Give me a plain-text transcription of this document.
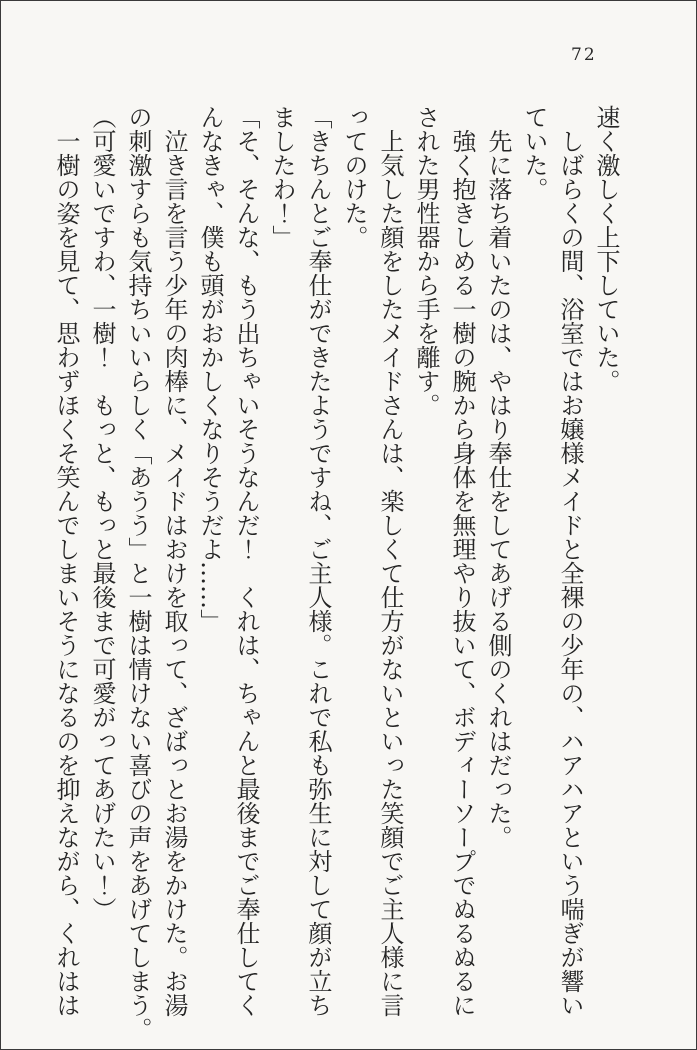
72

速く激しく上下していた。

　しばらくの間、浴室ではお嬢様メイドと全裸の少年の、ハアハアという喘ぎが響い

ていた。

　先に落ち着いたのは、やはり奉仕をしてあげる側のくれはだった。

　強く抱きしめる一樹の腕から身体を無理やり抜いて、ボディーソープでぬるぬるに

された男性器から手を離す。

　上気した顔をしたメイドさんは、楽しくて仕方がないといった笑顔でご主人様に言

ってのけた。

「きちんとご奉仕ができたようですね、ご主人様。これで私も弥生に対して顔が立ち

ましたわ！」

「そ、そんな、もう出ちゃいそうなんだ！　くれは、ちゃんと最後までご奉仕してく

んなきゃ、僕も頭がおかしくなりそうだよ……」

　泣き言を言う少年の肉棒に、メイドはおけを取って、ざばっとお湯をかけた。お湯

の刺激すらも気持ちいいらしく「あうう」と一樹は情けない喜びの声をあげてしまう。

（可愛いですわ、一樹！　もっと、もっと最後まで可愛がってあげたい！）

　一樹の姿を見て、思わずほくそ笑んでしまいそうになるのを抑えながら、くれはは
